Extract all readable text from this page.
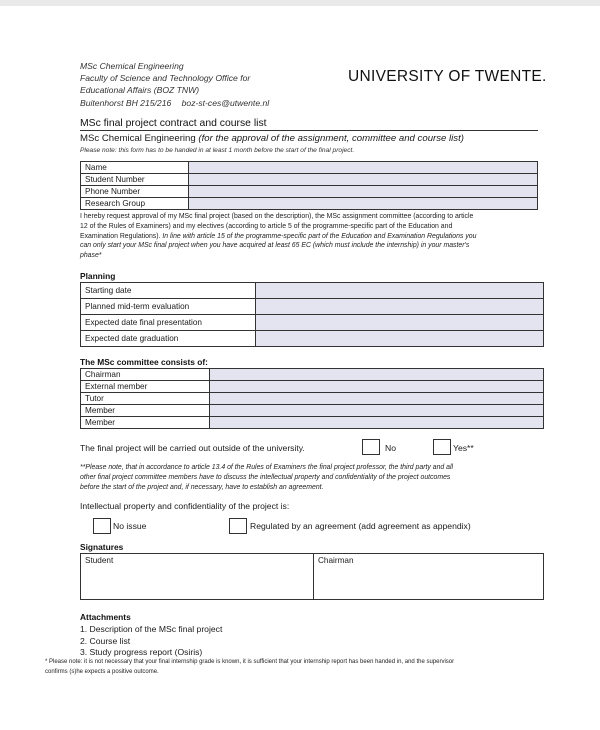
MSc Chemical Engineering
Faculty of Science and Technology Office for
Educational Affairs (BOZ TNW)
Buitenhorst BH 215/216 boz-st-ces@utwente.nl
UNIVERSITY OF TWENTE.
MSc final project contract and course list
MSc Chemical Engineering (for the approval of the assignment, committee and course list)
Please note: this form has to be handed in at least 1 month before the start of the final project.
Name	
Student Number	
Phone Number	
Research Group	
I hereby request approval of my MSc final project (based on the description), the MSc assignment committee (according to article
12 of the Rules of Examiners) and my electives (according to article 5 of the programme-specific part of the Education and
Examination Regulations). In line with article 15 of the programme-specific part of the Education and Examination Regulations you
can only start your MSc final project when you have acquired at least 65 EC (which must include the internship) in your master's
phase*
Planning
Starting date	
Planned mid-term evaluation	
Expected date final presentation	
Expected date graduation	
The MSc committee consists of:
Chairman	
External member	
Tutor	
Member	
Member	
The final project will be carried out outside of the university.	No	Yes**
**Please note, that in accordance to article 13.4 of the Rules of Examiners the final project professor, the third party and all
other final project committee members have to discuss the intellectual property and confidentiality of the project outcomes
before the start of the project and, if necessary, have to establish an agreement.
Intellectual property and confidentiality of the project is:
No issue	Regulated by an agreement (add agreement as appendix)
Signatures
Student	Chairman
Attachments
1. Description of the MSc final project
2. Course list
3. Study progress report (Osiris)
* Please note: it is not necessary that your final internship grade is known, it is sufficient that your internship report has been handed in, and the supervisor
confirms (s)he expects a positive outcome.
